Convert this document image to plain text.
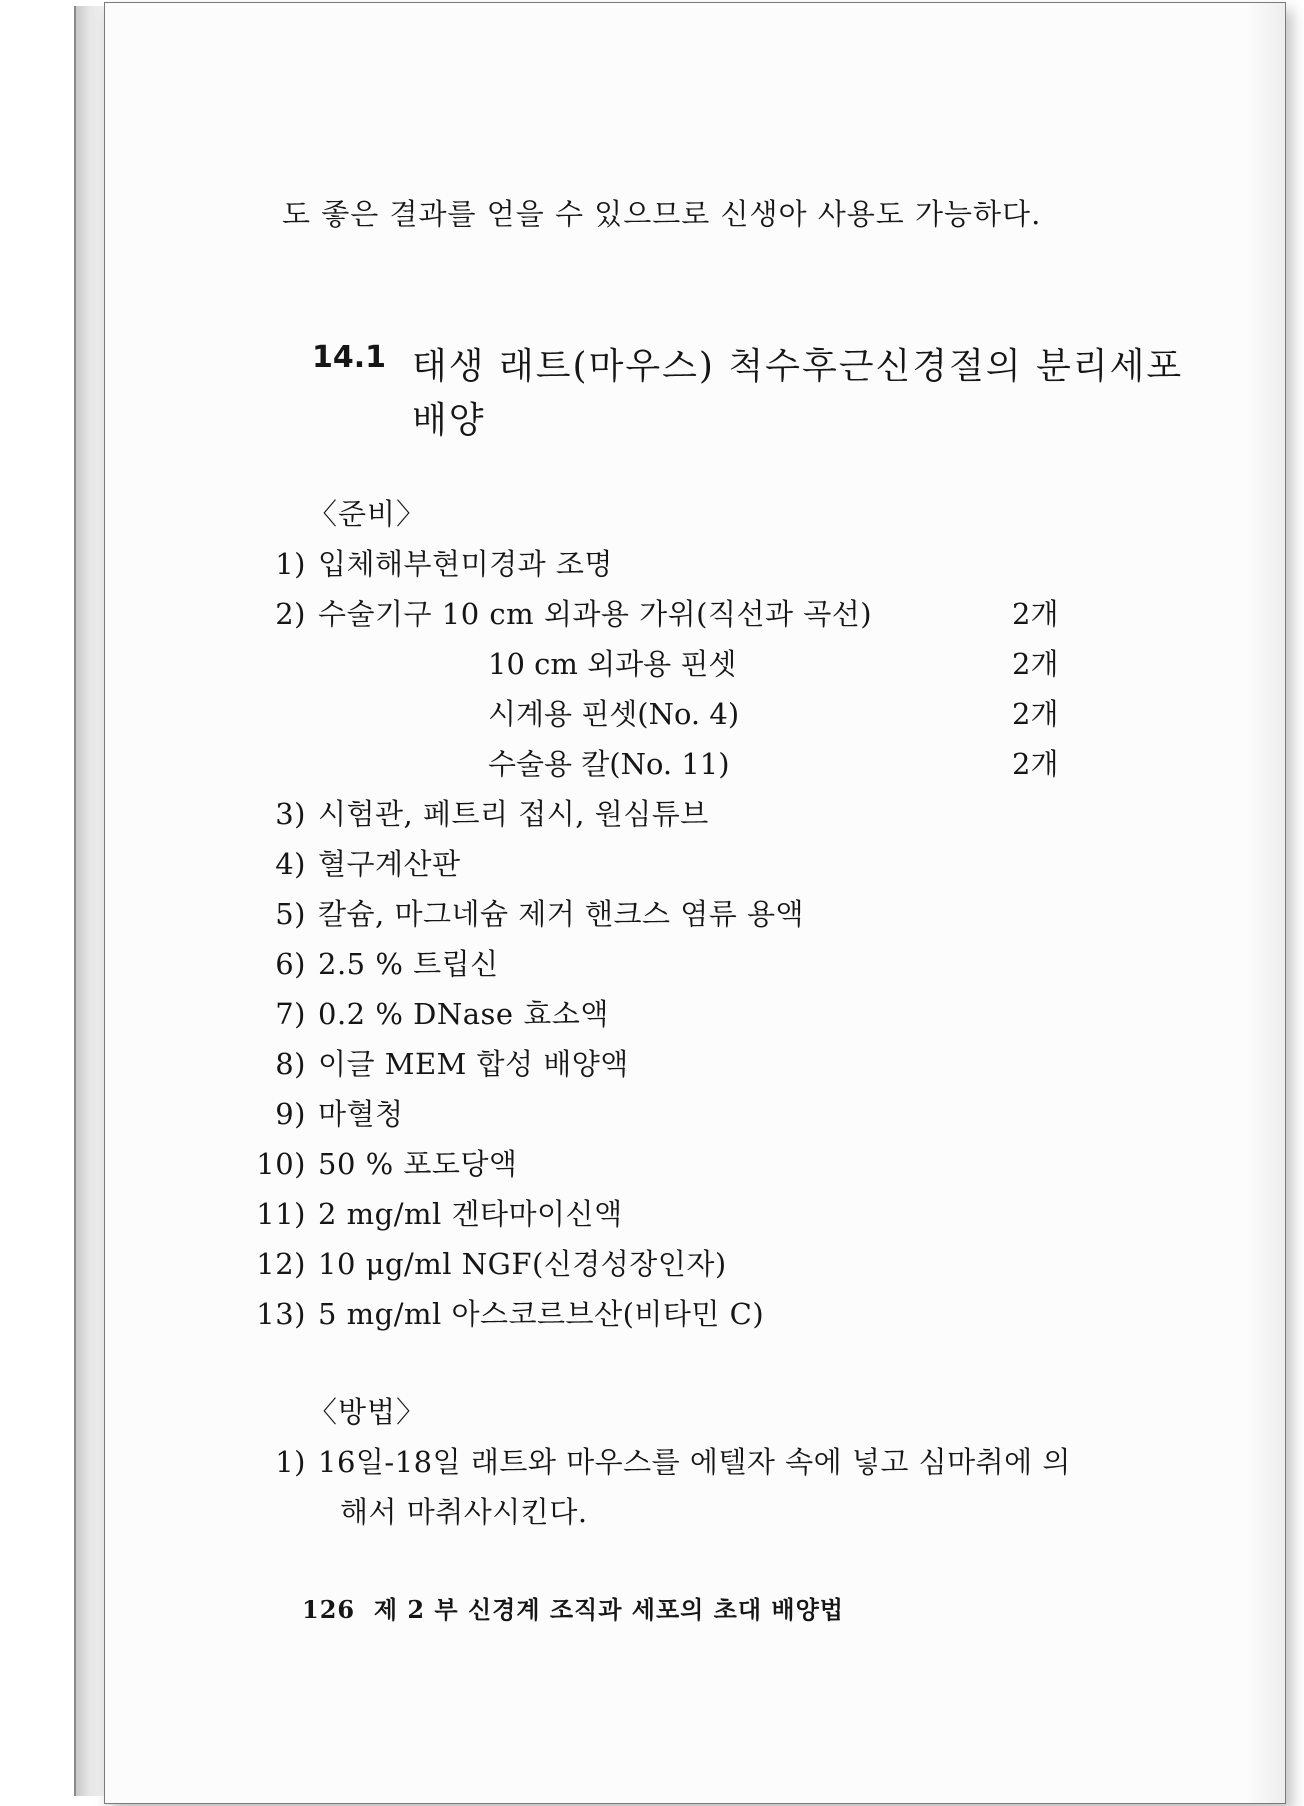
도 좋은 결과를 얻을 수 있으므로 신생아 사용도 가능하다.
14.1 태생 래트(마우스) 척수후근신경절의 분리세포
배양
〈준비〉
1) 입체해부현미경과 조명
2) 수술기구 10 cm 외과용 가위(직선과 곡선)	2개
10 cm 외과용 핀셋	2개
시계용 핀셋(No. 4)	2개
수술용 칼(No. 11)	2개
3) 시험관, 페트리 접시, 원심튜브
4) 혈구계산판
5) 칼슘, 마그네슘 제거 핸크스 염류 용액
6) 2.5 % 트립신
7) 0.2 % DNase 효소액
8) 이글 MEM 합성 배양액
9) 마혈청
10) 50 % 포도당액
11) 2 mg/ml 겐타마이신액
12) 10 μg/ml NGF(신경성장인자)
13) 5 mg/ml 아스코르브산(비타민 C)
〈방법〉
1) 16일-18일 래트와 마우스를 에텔자 속에 넣고 심마취에 의
해서 마취사시킨다.
126 제 2 부 신경계 조직과 세포의 초대 배양법
